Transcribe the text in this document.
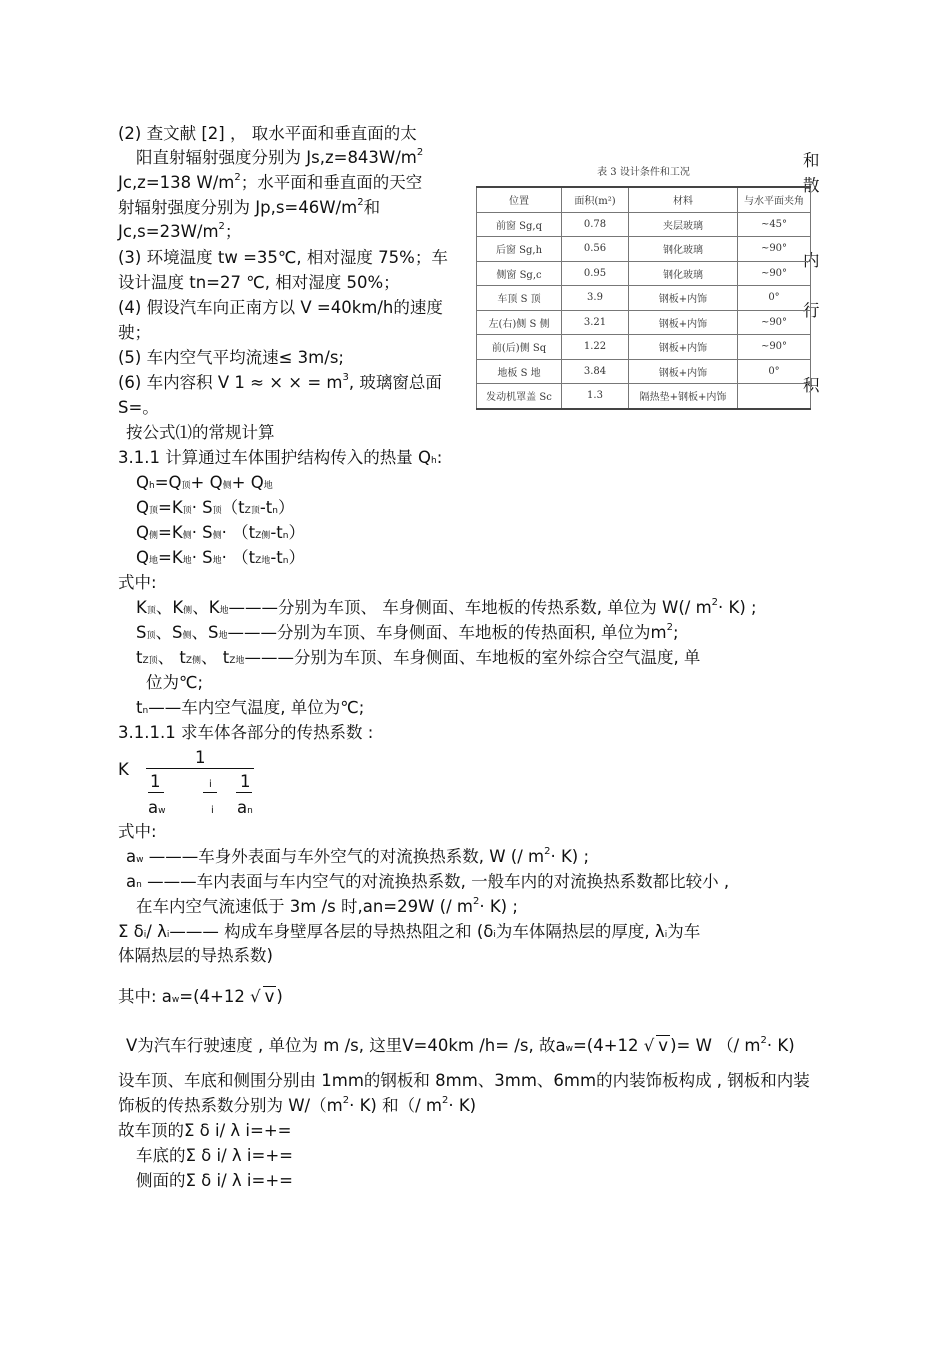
(2) 查文献 [2] ， 取水平面和垂直面的太
阳直射辐射强度分别为 $Js,z=843W/m^2$
Jc,z=138 $W/m^2$；水平面和垂直面的天空
射辐射强度分别为 $Jp,s=46W/m^2$和
$Jc,s=23W/m^2$；
(3) 环境温度 tw =35℃, 相对湿度 75%；车
设计温度 tn=27 ℃, 相对湿度 50%；
(4) 假设汽车向正南方以 V =40km/h的速度
驶；
(5) 车内空气平均流速≤ 3m/s;
(6) 车内容积 V 1 ≈ × × = $m^3$, 玻璃窗总面
S=。
和
散
内
行
积
表 3 设计条件和工况
位置	面积(m²)	材料	与水平面夹角
前窗 Sg,q	0.78	夹层玻璃	~45°
后窗 Sg,h	0.56	钢化玻璃	~90°
侧窗 Sg,c	0.95	钢化玻璃	~90°
车顶 S 顶	3.9	钢板+内饰	0°
左(右)侧 S 侧	3.21	钢板+内饰	~90°
前(后)侧 Sq	1.22	钢板+内饰	~90°
地板 S 地	3.84	钢板+内饰	0°
发动机罩盖 Sc	1.3	隔热垫+钢板+内饰	
按公式⑴的常规计算
3.1.1 计算通过车体围护结构传入的热量 Qh:
Qh=Q顶+ Q侧+ Q地
Q顶=K顶· S顶（tZ顶-tn）
Q侧=K侧· S侧· （tZ侧-tn）
Q地=K地· S地· （tZ地-tn）
式中:
K顶、K侧、K地———分别为车顶、 车身侧面、车地板的传热系数, 单位为 W(/ $m^2\cdot K$) ;
S顶、S侧、S地———分别为车顶、车身侧面、车地板的传热面积, 单位为$m^2$;
tZ顶、 tZ侧、 tZ地———分别为车顶、车身侧面、车地板的室外综合空气温度, 单
位为℃;
tn——车内空气温度, 单位为℃;
3.1.1.1 求车体各部分的传热系数 :
K
1
1	i 1
aw	i an
式中:
aw ———车身外表面与车外空气的对流换热系数, W (/ $m^2\cdot K$) ;
an ———车内表面与车内空气的对流换热系数, 一般车内的对流换热系数都比较小 ,
在车内空气流速低于 3m /s 时,an=29W (/ $m^2\cdot K$) ;
Σ δi/ λi——— 构成车身壁厚各层的导热热阻之和 (δi为车体隔热层的厚度, λi为车
体隔热层的导热系数)
其中: aw=(4+12 √ v )
V为汽车行驶速度 , 单位为 m /s, 这里V=40km /h= /s, 故aw=(4+12 √ v )= W （/ $m^2\cdot K$)
设车顶、车底和侧围分别由 1mm的钢板和 8mm、3mm、6mm的内装饰板构成 , 钢板和内装
饰板的传热系数分别为 $W/(m^2\cdot K)$ 和（/ $m^2\cdot K$)
故车顶的Σ δ i/ λ i=+=
车底的Σ δ i/ λ i=+=
侧面的Σ δ i/ λ i=+=
